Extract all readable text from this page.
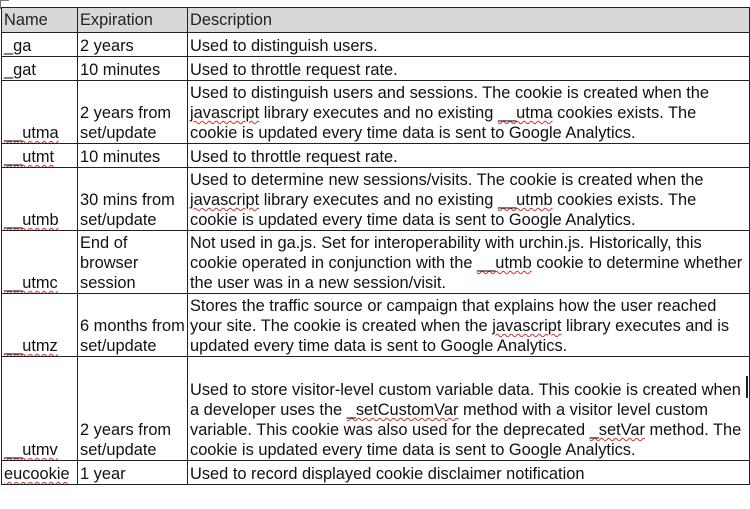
Name	Expiration	Description
_ga	2 years	Used to distinguish users.
_gat	10 minutes	Used to throttle request rate.
__utma	2 years from set/update	Used to distinguish users and sessions. The cookie is created when the javascript library executes and no existing __utma cookies exists. The cookie is updated every time data is sent to Google Analytics.
__utmt	10 minutes	Used to throttle request rate.
__utmb	30 mins from set/update	Used to determine new sessions/visits. The cookie is created when the javascript library executes and no existing __utmb cookies exists. The cookie is updated every time data is sent to Google Analytics.
__utmc	End of browser session	Not used in ga.js. Set for interoperability with urchin.js. Historically, this cookie operated in conjunction with the __utmb cookie to determine whether the user was in a new session/visit.
__utmz	6 months from set/update	Stores the traffic source or campaign that explains how the user reached your site. The cookie is created when the javascript library executes and is updated every time data is sent to Google Analytics.
__utmv	2 years from set/update	Used to store visitor-level custom variable data. This cookie is created when a developer uses the _setCustomVar method with a visitor level custom variable. This cookie was also used for the deprecated _setVar method. The cookie is updated every time data is sent to Google Analytics.
eucookie	1 year	Used to record displayed cookie disclaimer notification
